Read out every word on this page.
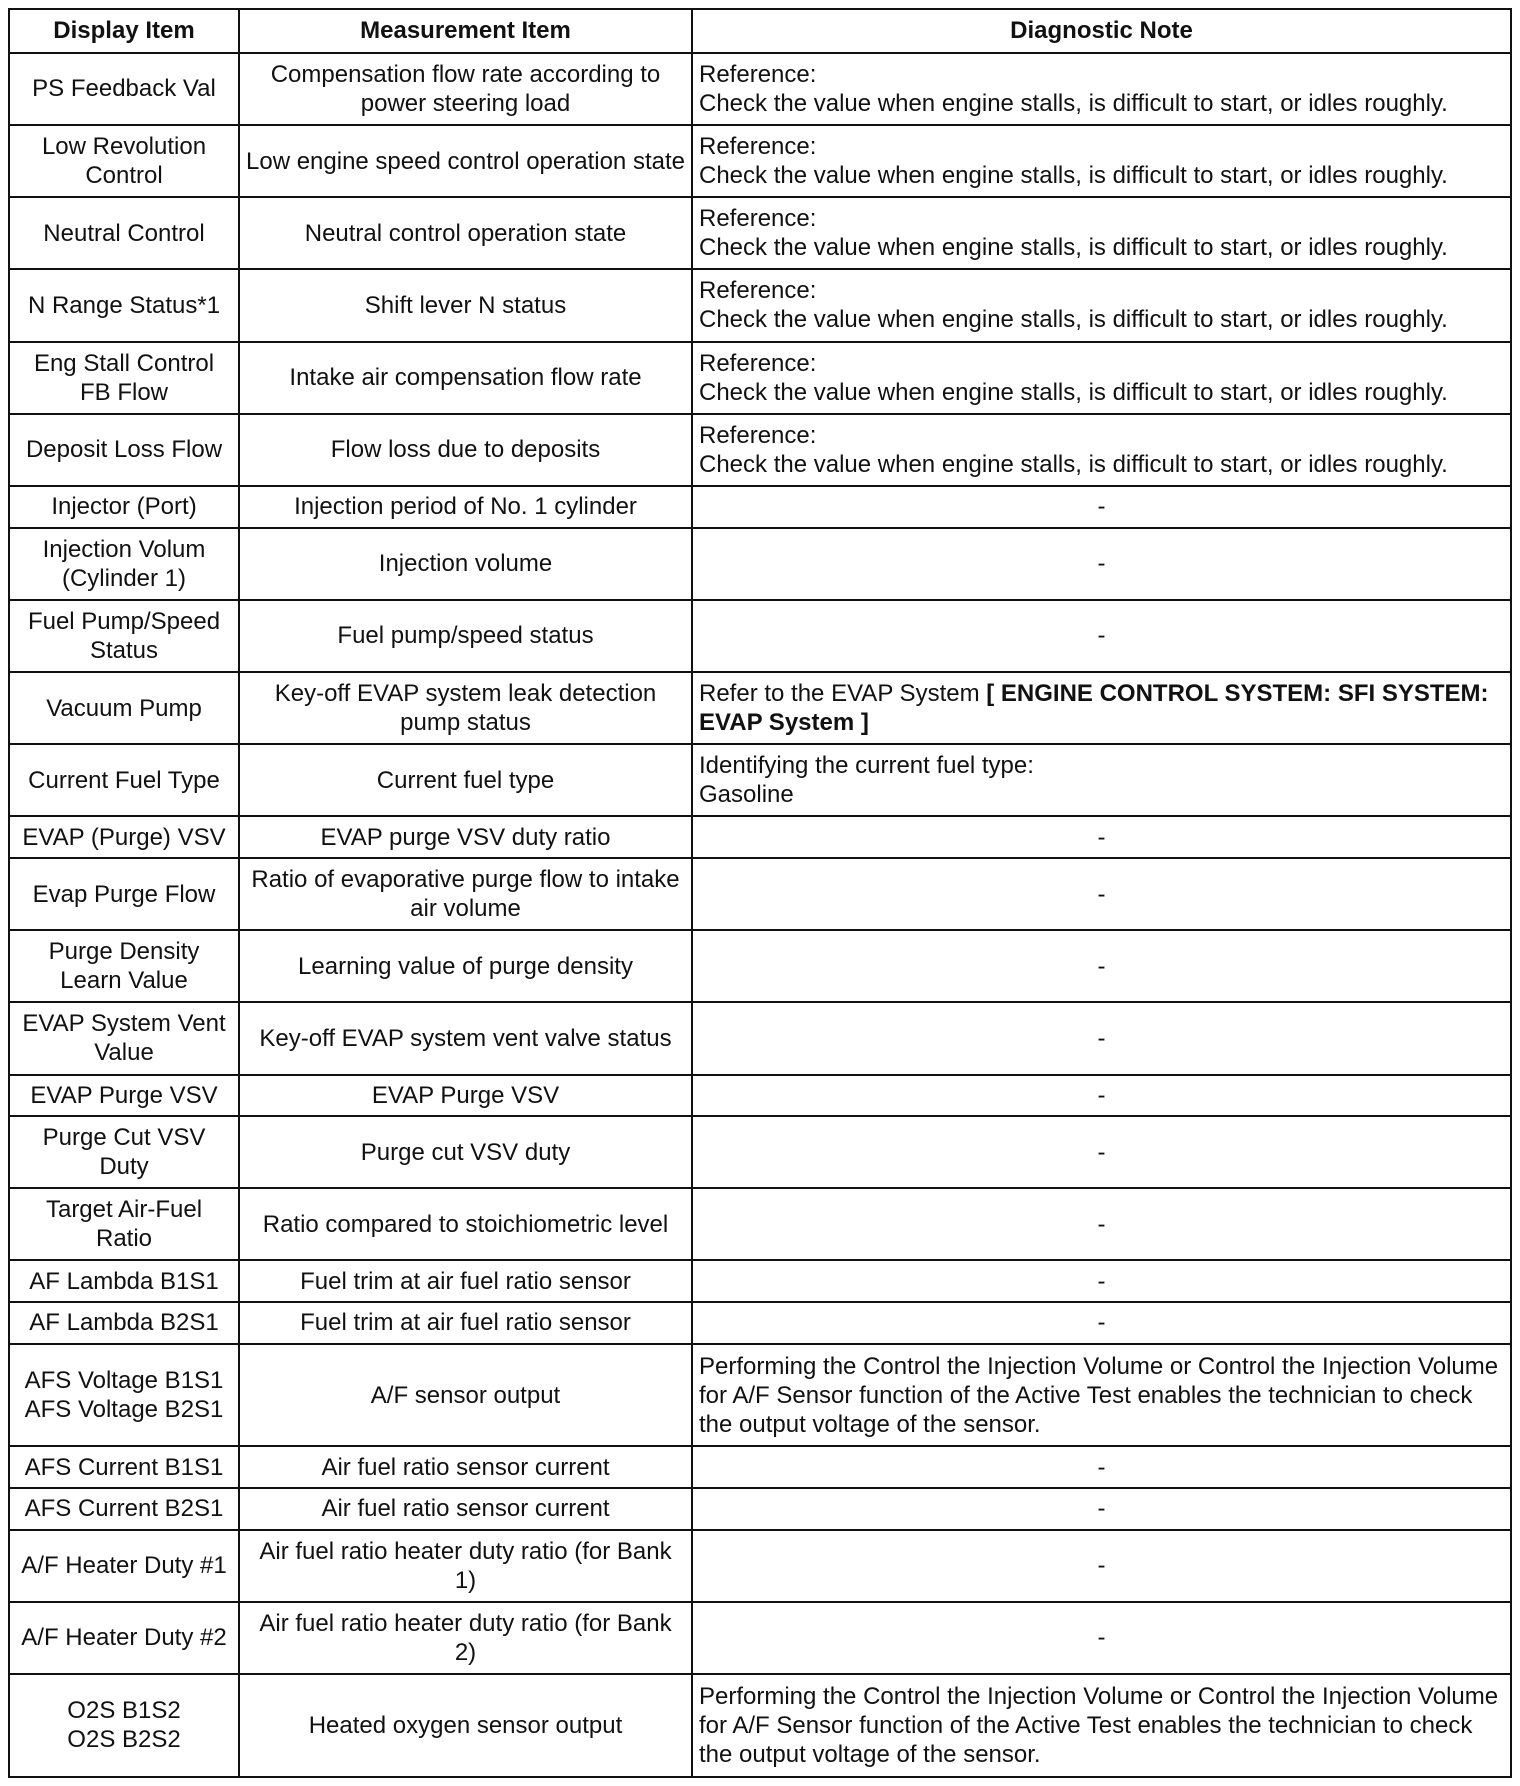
Display Item	Measurement Item	Diagnostic Note
PS Feedback Val	Compensation flow rate according to power steering load	Reference:
Check the value when engine stalls, is difficult to start, or idles roughly.

Low Revolution Control	Low engine speed control operation state	Reference:
Check the value when engine stalls, is difficult to start, or idles roughly.

Neutral Control	Neutral control operation state	Reference:
Check the value when engine stalls, is difficult to start, or idles roughly.

N Range Status*1	Shift lever N status	Reference:
Check the value when engine stalls, is difficult to start, or idles roughly.

Eng Stall Control FB Flow	Intake air compensation flow rate	Reference:
Check the value when engine stalls, is difficult to start, or idles roughly.

Deposit Loss Flow	Flow loss due to deposits	Reference:
Check the value when engine stalls, is difficult to start, or idles roughly.

Injector (Port)	Injection period of No. 1 cylinder	-
Injection Volum (Cylinder 1)	Injection volume	-
Fuel Pump/Speed Status	Fuel pump/speed status	-
Vacuum Pump	Key-off EVAP system leak detection pump status	Refer to the EVAP System [ ENGINE CONTROL SYSTEM: SFI SYSTEM: EVAP System ]
Current Fuel Type	Current fuel type	Identifying the current fuel type:
Gasoline

EVAP (Purge) VSV	EVAP purge VSV duty ratio	-
Evap Purge Flow	Ratio of evaporative purge flow to intake air volume	-
Purge Density Learn Value	Learning value of purge density	-
EVAP System Vent Value	Key-off EVAP system vent valve status	-
EVAP Purge VSV	EVAP Purge VSV	-
Purge Cut VSV Duty	Purge cut VSV duty	-
Target Air-Fuel Ratio	Ratio compared to stoichiometric level	-
AF Lambda B1S1	Fuel trim at air fuel ratio sensor	-
AF Lambda B2S1	Fuel trim at air fuel ratio sensor	-

AFS Voltage B1S1
AFS Voltage B2S1	A/F sensor output	Performing the Control the Injection Volume or Control the Injection Volume for A/F Sensor function of the Active Test enables the technician to check the output voltage of the sensor.
AFS Current B1S1	Air fuel ratio sensor current	-
AFS Current B2S1	Air fuel ratio sensor current	-
A/F Heater Duty #1	Air fuel ratio heater duty ratio (for Bank 1)	-
A/F Heater Duty #2	Air fuel ratio heater duty ratio (for Bank 2)	-

O2S B1S2
O2S B2S2	Heated oxygen sensor output	Performing the Control the Injection Volume or Control the Injection Volume for A/F Sensor function of the Active Test enables the technician to check the output voltage of the sensor.
